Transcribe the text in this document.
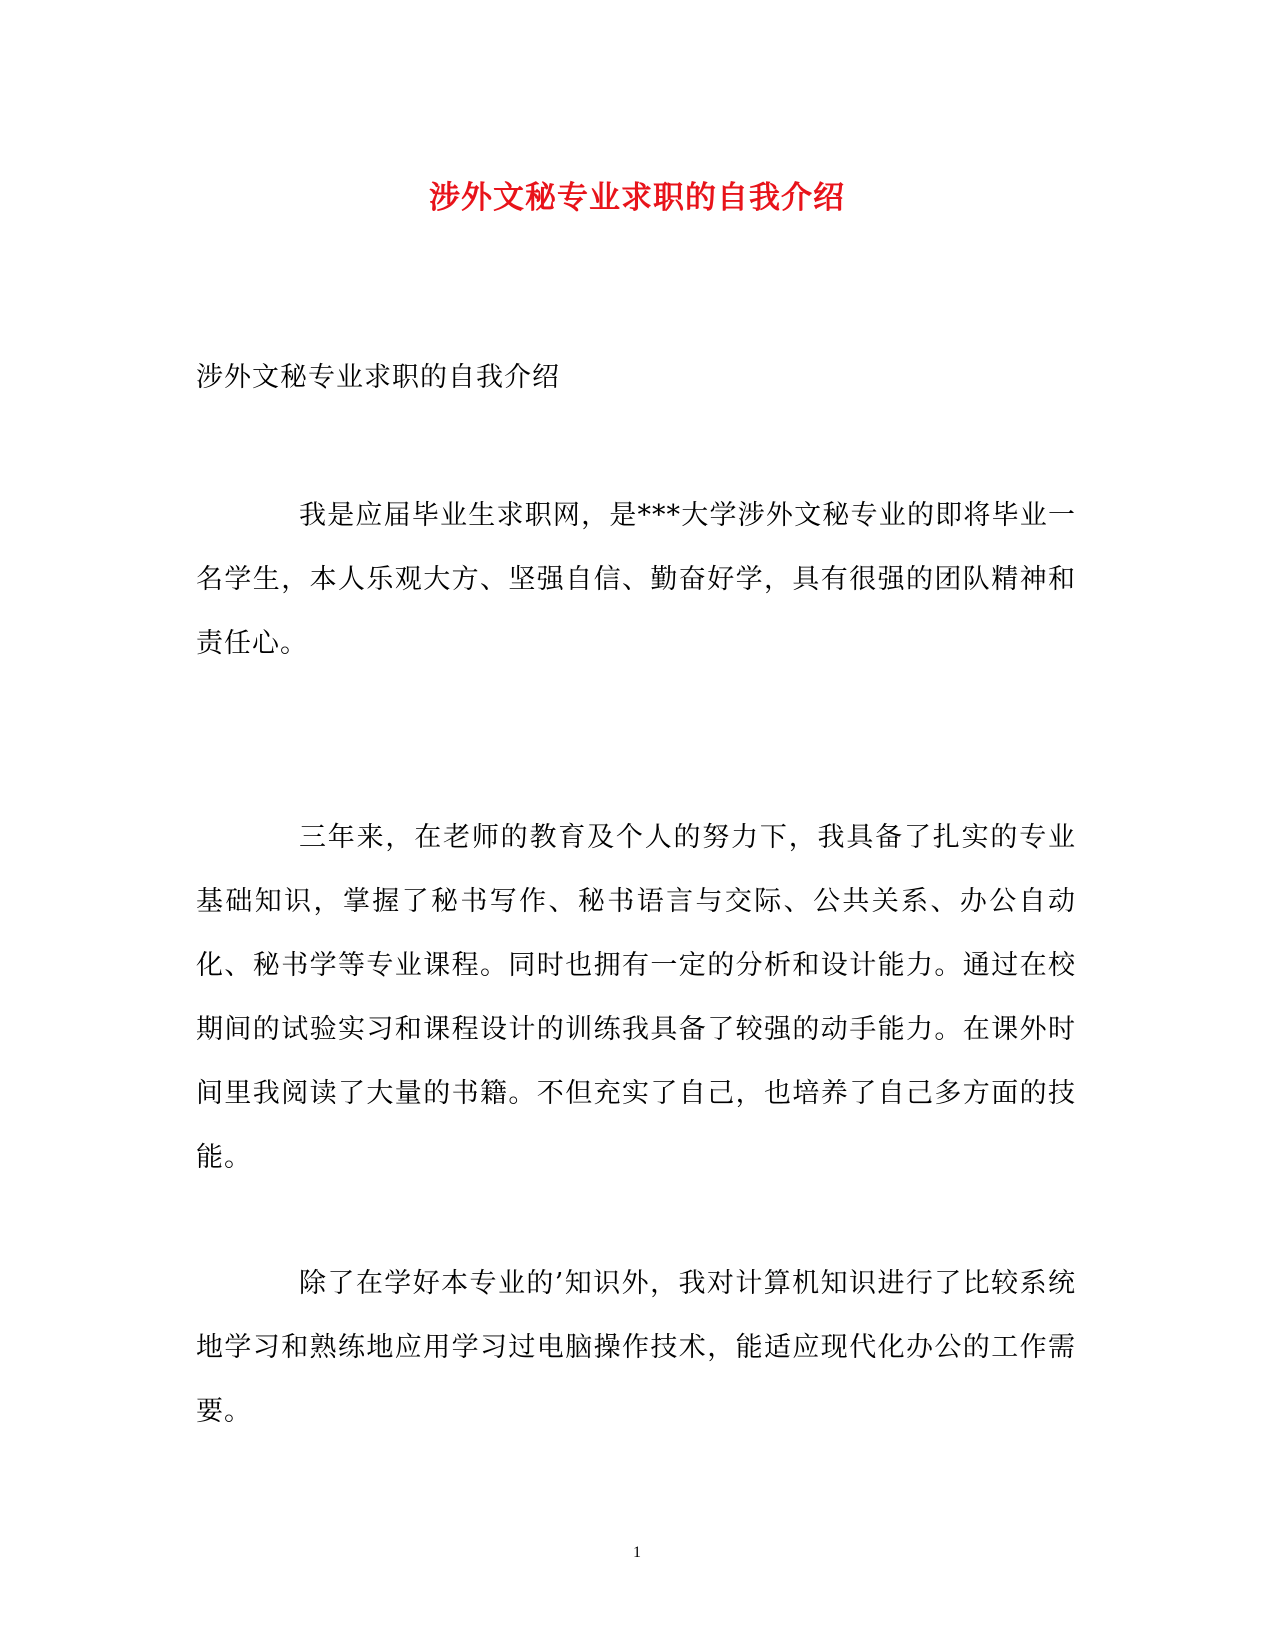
涉外文秘专业求职的自我介绍
涉外文秘专业求职的自我介绍
我是应届毕业生求职网，是***大学涉外文秘专业的即将毕业一名学生，本人乐观大方、坚强自信、勤奋好学，具有很强的团队精神和责任心。
三年来，在老师的教育及个人的努力下，我具备了扎实的专业基础知识，掌握了秘书写作、秘书语言与交际、公共关系、办公自动化、秘书学等专业课程。同时也拥有一定的分析和设计能力。通过在校期间的试验实习和课程设计的训练我具备了较强的动手能力。在课外时间里我阅读了大量的书籍。不但充实了自己，也培养了自己多方面的技能。
除了在学好本专业的’知识外，我对计算机知识进行了比较系统地学习和熟练地应用学习过电脑操作技术，能适应现代化办公的工作需要。
1
